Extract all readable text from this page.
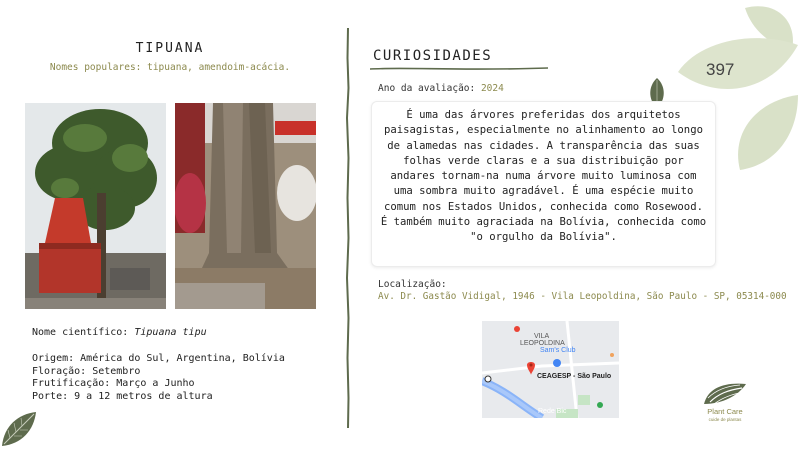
397
TIPUANA
Nomes populares: tipuana, amendoim-acácia.
Nome científico: Tipuana tipu
Origem: América do Sul, Argentina, Bolívia
Floração: Setembro
Frutificação: Março a Junho
Porte: 9 a 12 metros de altura
CURIOSIDADES
Ano da avaliação: 2024
É uma das árvores preferidas dos arquitetos paisagistas, especialmente no alinhamento ao longo de alamedas nas cidades. A transparência das suas folhas verde claras e a sua distribuição por andares tornam-na numa árvore muito luminosa com uma sombra muito agradável. É uma espécie muito comum nos Estados Unidos, conhecida como Rosewood. É também muito agraciada na Bolívia, conhecida como "o orgulho da Bolívia".
Localização:
Av. Dr. Gastão Vidigal, 1946 - Vila Leopoldina, São Paulo - SP, 05314-000
VILA
LEOPOLDINA
Sam's Club
CEAGESP - São Paulo
Rede Bic	Plant Care
cuide de plantas
